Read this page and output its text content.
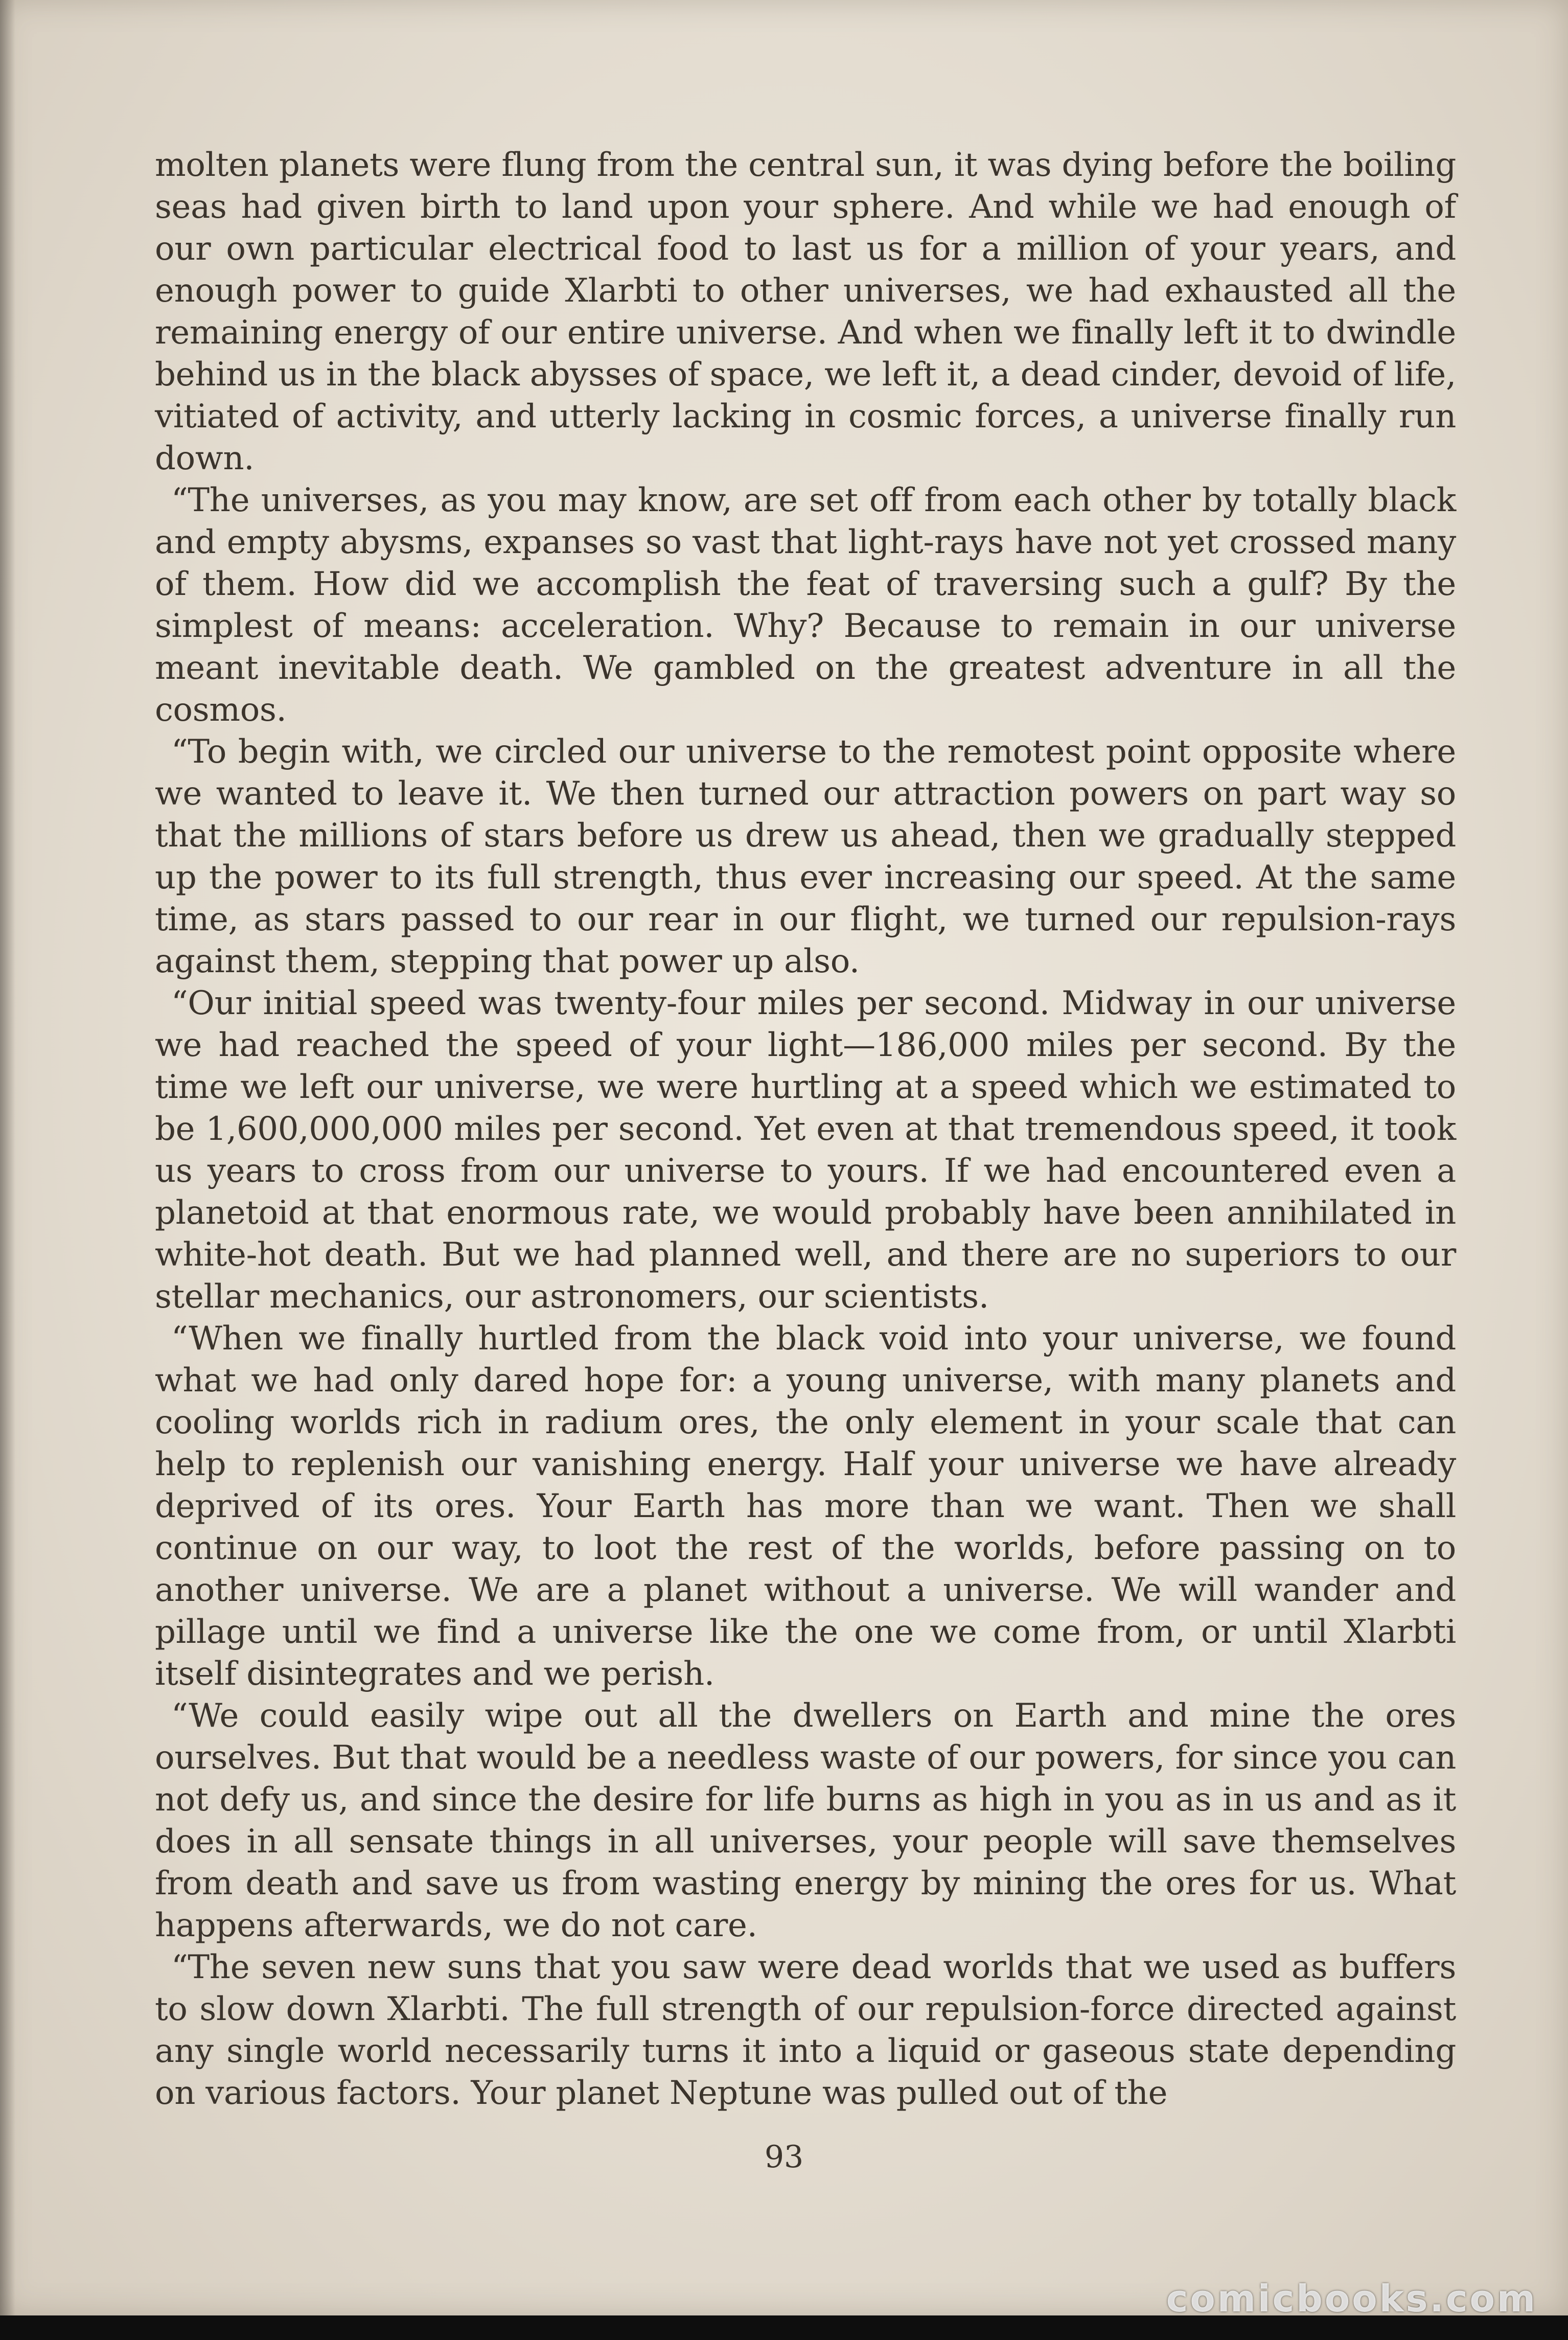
molten planets were flung from the central sun, it was dying before the boiling seas had given birth to land upon your sphere. And while we had enough of our own particular electrical food to last us for a million of your years, and enough power to guide Xlarbti to other universes, we had exhausted all the remaining energy of our entire universe. And when we finally left it to dwindle behind us in the black abysses of space, we left it, a dead cinder, devoid of life, vitiated of activity, and utterly lacking in cosmic forces, a universe finally run down.

“The universes, as you may know, are set off from each other by totally black and empty abysms, expanses so vast that light-rays have not yet crossed many of them. How did we accomplish the feat of traversing such a gulf? By the simplest of means: acceleration. Why? Because to remain in our universe meant inevitable death. We gambled on the greatest adventure in all the cosmos.

“To begin with, we circled our universe to the remotest point opposite where we wanted to leave it. We then turned our attraction powers on part way so that the millions of stars before us drew us ahead, then we gradually stepped up the power to its full strength, thus ever increasing our speed. At the same time, as stars passed to our rear in our flight, we turned our repulsion-rays against them, stepping that power up also.

“Our initial speed was twenty-four miles per second. Midway in our universe we had reached the speed of your light—186,000 miles per second. By the time we left our universe, we were hurtling at a speed which we estimated to be 1,600,000,000 miles per second. Yet even at that tremendous speed, it took us years to cross from our universe to yours. If we had encountered even a planetoid at that enormous rate, we would probably have been annihilated in white-hot death. But we had planned well, and there are no superiors to our stellar mechanics, our astronomers, our scientists.

“When we finally hurtled from the black void into your universe, we found what we had only dared hope for: a young universe, with many planets and cooling worlds rich in radium ores, the only element in your scale that can help to replenish our vanishing energy. Half your universe we have already deprived of its ores. Your Earth has more than we want. Then we shall continue on our way, to loot the rest of the worlds, before passing on to another universe. We are a planet without a universe. We will wander and pillage until we find a universe like the one we come from, or until Xlarbti itself disintegrates and we perish.

“We could easily wipe out all the dwellers on Earth and mine the ores ourselves. But that would be a needless waste of our powers, for since you can not defy us, and since the desire for life burns as high in you as in us and as it does in all sensate things in all universes, your people will save themselves from death and save us from wasting energy by mining the ores for us. What happens afterwards, we do not care.

“The seven new suns that you saw were dead worlds that we used as buffers to slow down Xlarbti. The full strength of our repulsion-force directed against any single world necessarily turns it into a liquid or gaseous state depending on various factors. Your planet Neptune was pulled out of the

93
comicbooks.com
